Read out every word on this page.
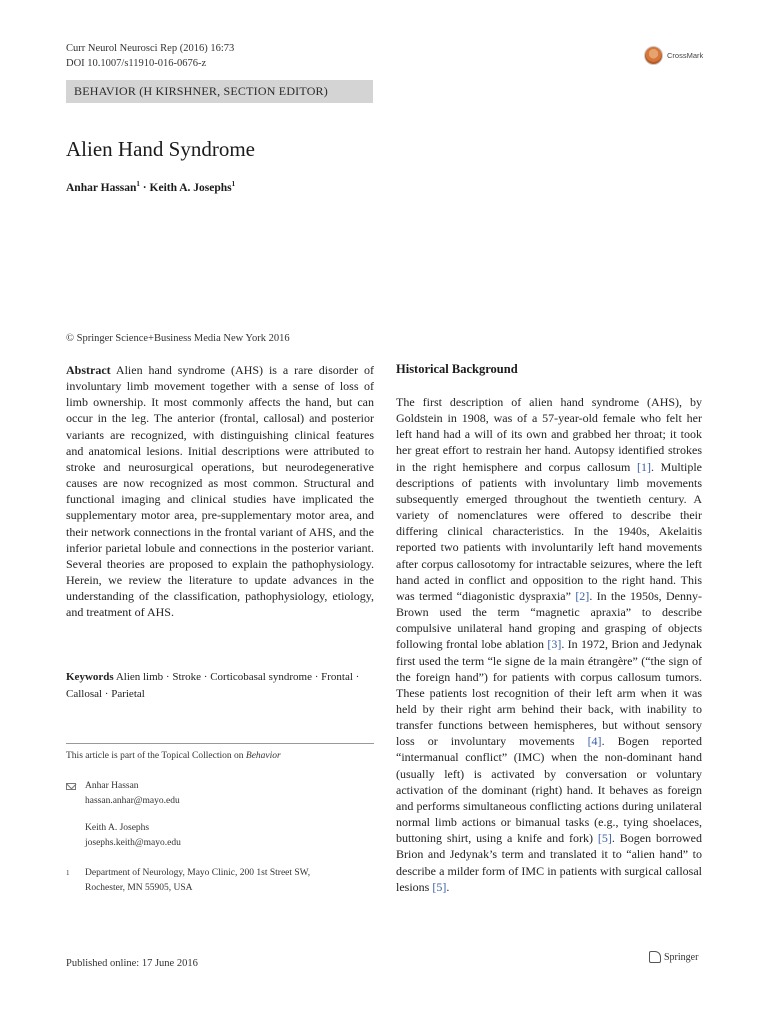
Curr Neurol Neurosci Rep (2016) 16:73
DOI 10.1007/s11910-016-0676-z
CrossMark
BEHAVIOR (H KIRSHNER, SECTION EDITOR)
Alien Hand Syndrome
Anhar Hassan$^1$ · Keith A. Josephs$^1$
© Springer Science+Business Media New York 2016

Abstract Alien hand syndrome (AHS) is a rare disorder of involuntary limb movement together with a sense of loss of limb ownership. It most commonly affects the hand, but can occur in the leg. The anterior (frontal, callosal) and posterior variants are recognized, with distinguishing clinical features and anatomical lesions. Initial descriptions were attributed to stroke and neurosurgical operations, but neurodegenerative causes are now recognized as most common. Structural and functional imaging and clinical studies have implicated the supplementary motor area, pre-supplementary motor area, and their network connections in the frontal variant of AHS, and the inferior parietal lobule and connections in the posterior variant. Several theories are proposed to explain the pathophysiology. Herein, we review the literature to update advances in the understanding of the classification, pathophysiology, etiology, and treatment of AHS.

Keywords Alien limb · Stroke · Corticobasal syndrome · Frontal · Callosal · Parietal

This article is part of the Topical Collection on Behavior
Anhar Hassan
hassan.anhar@mayo.edu
Keith A. Josephs
josephs.keith@mayo.edu
1 Department of Neurology, Mayo Clinic, 200 1st Street SW,
Rochester, MN 55905, USA
Published online: 17 June 2016
Springer
Historical Background

The first description of alien hand syndrome (AHS), by Goldstein in 1908, was of a 57-year-old female who felt her left hand had a will of its own and grabbed her throat; it took her great effort to restrain her hand. Autopsy identified strokes in the right hemisphere and corpus callosum [1]. Multiple descriptions of patients with involuntary limb movements subsequently emerged throughout the twentieth century. A variety of nomenclatures were offered to describe their differing clinical characteristics. In the 1940s, Akelaitis reported two patients with involuntarily left hand movements after corpus callosotomy for intractable seizures, where the left hand acted in conflict and opposition to the right hand. This was termed “diagonistic dyspraxia” [2]. In the 1950s, Denny-Brown used the term “magnetic apraxia” to describe compulsive unilateral hand groping and grasping of objects following frontal lobe ablation [3]. In 1972, Brion and Jedynak first used the term “le signe de la main étrangère” (“the sign of the foreign hand”) for patients with corpus callosum tumors. These patients lost recognition of their left arm when it was held by their right arm behind their back, with inability to transfer functions between hemispheres, but without sensory loss or involuntary movements [4]. Bogen reported “intermanual conflict” (IMC) when the non-dominant hand (usually left) is activated by conversation or voluntary activation of the dominant (right) hand. It behaves as foreign and performs simultaneous conflicting actions during unilateral normal limb actions or bimanual tasks (e.g., tying shoelaces, buttoning shirt, using a knife and fork) [5]. Bogen borrowed Brion and Jedynak’s term and translated it to “alien hand” to describe a milder form of IMC in patients with surgical callosal lesions [5].
